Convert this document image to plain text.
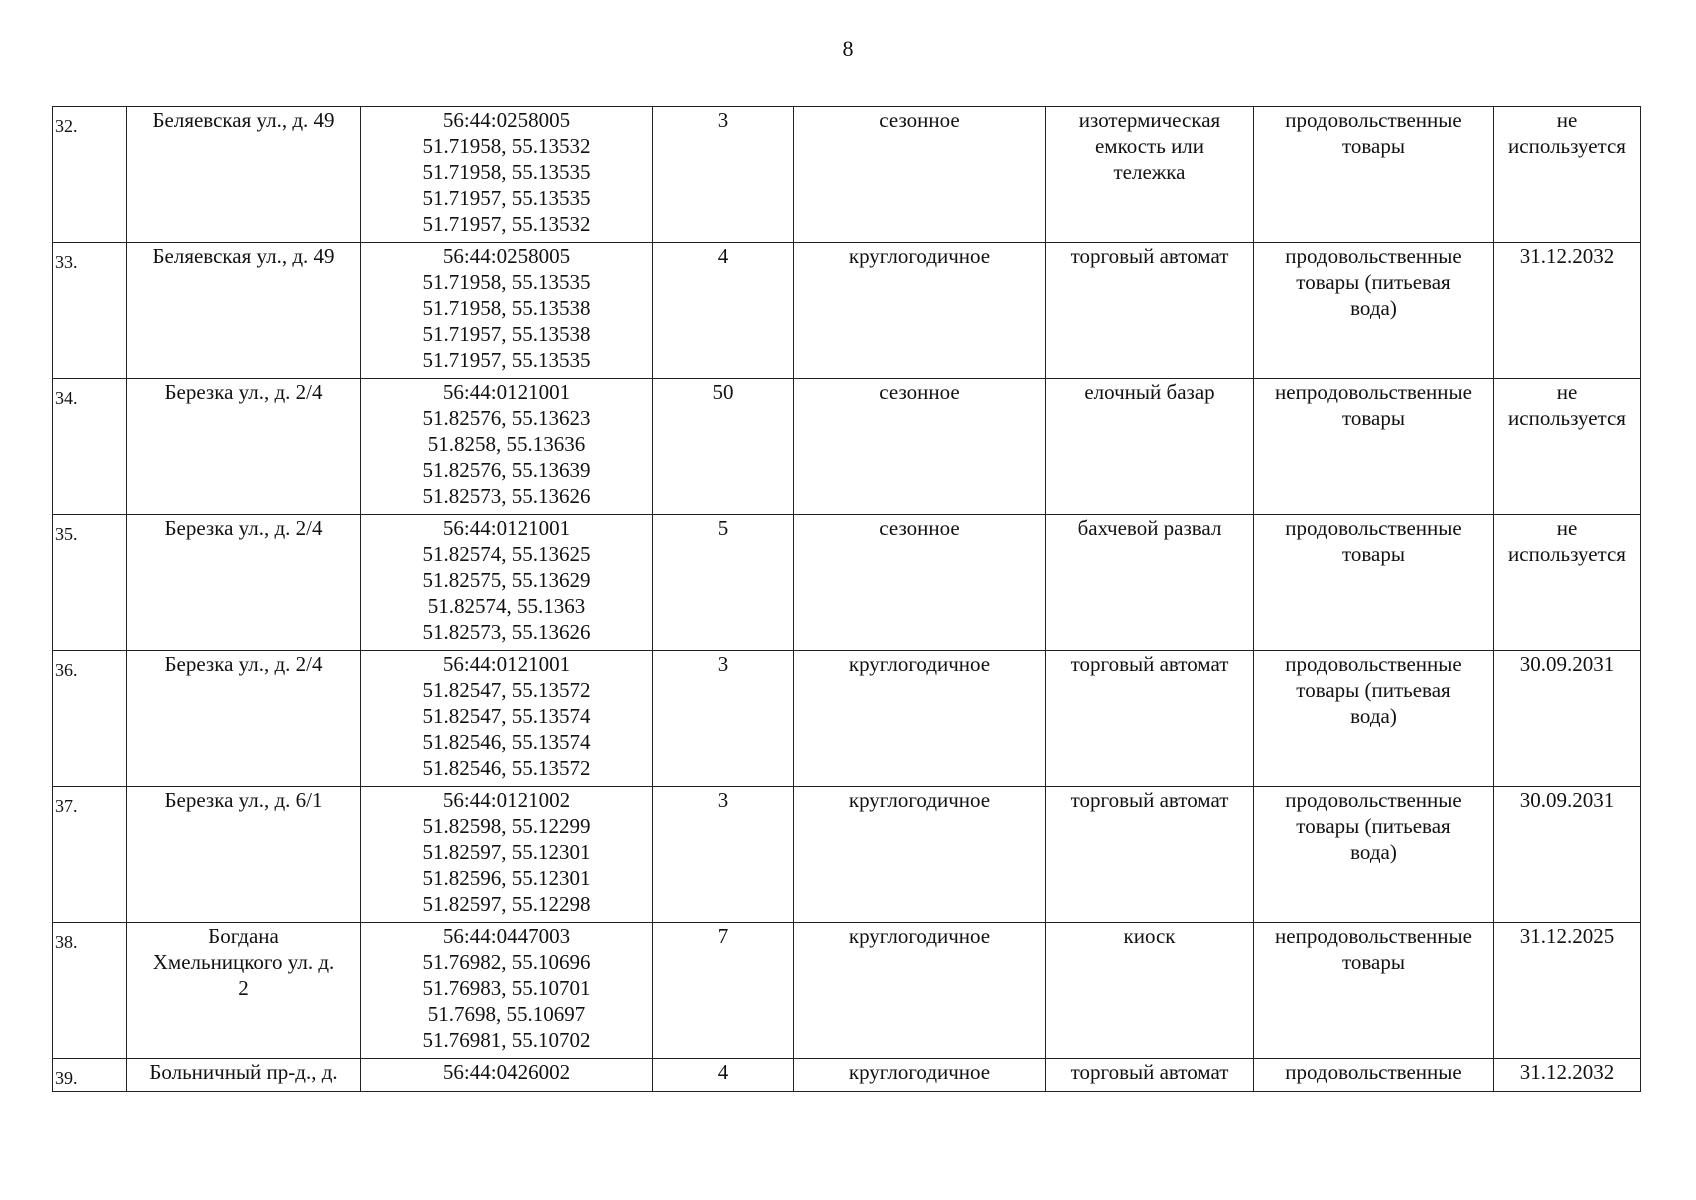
8
32.	Беляевская ул., д. 49	56:44:0258005
51.71958, 55.13532
51.71958, 55.13535
51.71957, 55.13535
51.71957, 55.13532	3	сезонное	изотермическая
емкость или
тележка	продовольственные
товары	не
используется

33.	Беляевская ул., д. 49	56:44:0258005
51.71958, 55.13535
51.71958, 55.13538
51.71957, 55.13538
51.71957, 55.13535	4	круглогодичное	торговый автомат	продовольственные
товары (питьевая
вода)	31.12.2032

34.	Березка ул., д. 2/4	56:44:0121001
51.82576, 55.13623
51.8258, 55.13636
51.82576, 55.13639
51.82573, 55.13626	50	сезонное	елочный базар	непродовольственные
товары	не
используется

35.	Березка ул., д. 2/4	56:44:0121001
51.82574, 55.13625
51.82575, 55.13629
51.82574, 55.1363
51.82573, 55.13626	5	сезонное	бахчевой развал	продовольственные
товары	не
используется

36.	Березка ул., д. 2/4	56:44:0121001
51.82547, 55.13572
51.82547, 55.13574
51.82546, 55.13574
51.82546, 55.13572	3	круглогодичное	торговый автомат	продовольственные
товары (питьевая
вода)	30.09.2031

37.	Березка ул., д. 6/1	56:44:0121002
51.82598, 55.12299
51.82597, 55.12301
51.82596, 55.12301
51.82597, 55.12298	3	круглогодичное	торговый автомат	продовольственные
товары (питьевая
вода)	30.09.2031

38.	Богдана
Хмельницкого ул. д.
2	56:44:0447003
51.76982, 55.10696
51.76983, 55.10701
51.7698, 55.10697
51.76981, 55.10702	7	круглогодичное	киоск	непродовольственные
товары	31.12.2025

39.	Больничный пр-д., д.	56:44:0426002	4	круглогодичное	торговый автомат	продовольственные	31.12.2032
